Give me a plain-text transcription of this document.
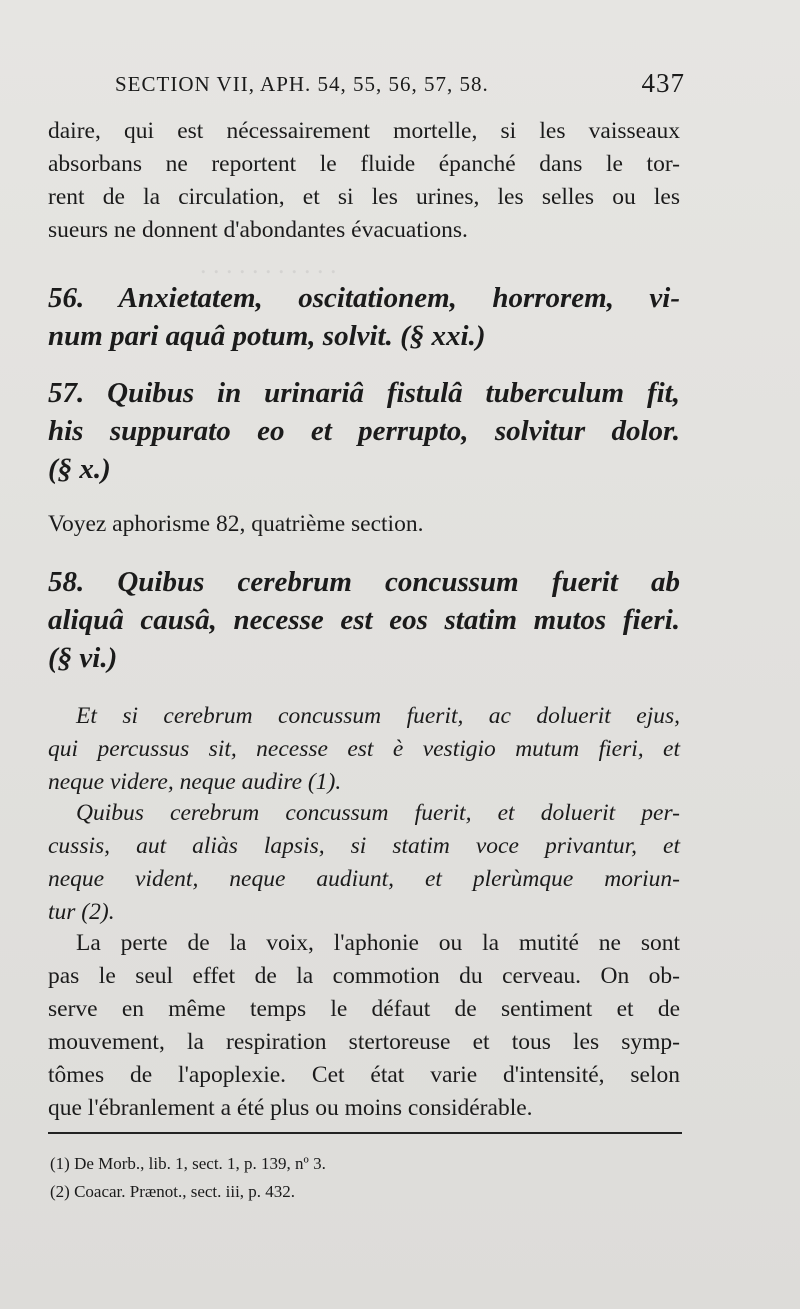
. . . . . . . . . . .
SECTION VII, APH. 54, 55, 56, 57, 58.	437
daire, qui est nécessairement mortelle, si les vaisseaux
absorbans ne reportent le fluide épanché dans le tor-
rent de la circulation, et si les urines, les selles ou les
sueurs ne donnent d'abondantes évacuations.
56. Anxietatem, oscitationem, horrorem, vi-
num pari aquâ potum, solvit. (§ xxi.)
57. Quibus in urinariâ fistulâ tuberculum fit,
his suppurato eo et perrupto, solvitur dolor.
(§ x.)
Voyez aphorisme 82, quatrième section.
58. Quibus cerebrum concussum fuerit ab
aliquâ causâ, necesse est eos statim mutos fieri.
(§ vi.)
Et si cerebrum concussum fuerit, ac doluerit ejus,
qui percussus sit, necesse est è vestigio mutum fieri, et
neque videre, neque audire (1).
Quibus cerebrum concussum fuerit, et doluerit per-
cussis, aut aliàs lapsis, si statim voce privantur, et
neque vident, neque audiunt, et plerùmque moriun-
tur (2).
La perte de la voix, l'aphonie ou la mutité ne sont
pas le seul effet de la commotion du cerveau. On ob-
serve en même temps le défaut de sentiment et de
mouvement, la respiration stertoreuse et tous les symp-
tômes de l'apoplexie. Cet état varie d'intensité, selon
que l'ébranlement a été plus ou moins considérable.
(1) De Morb., lib. 1, sect. 1, p. 139, nº 3.
(2) Coacar. Prænot., sect. iii, p. 432.
